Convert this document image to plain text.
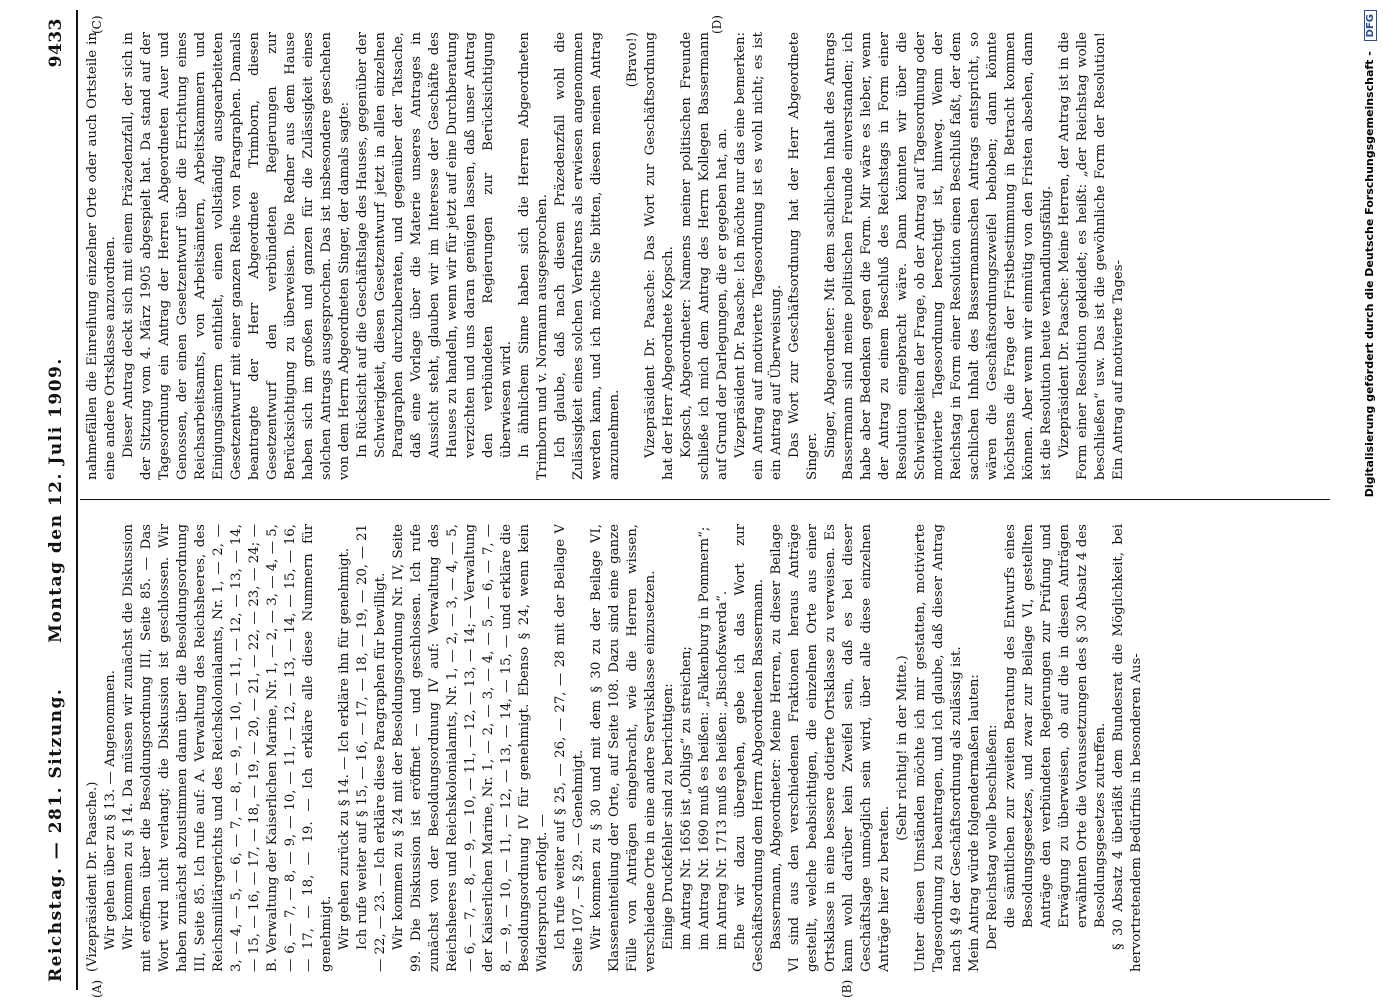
Reichstag. — 281. Sitzung.
Montag den 12. Juli 1909.
9433
(A)	(B)
(C)	(D)

(Vizepräsident Dr. Paasche.) Wir gehen über zu § 13. — Angenommen. Wir kommen zu § 14. Da müssen wir zunächst die Diskussion mit eröffnen über die Besoldungsordnung III, Seite 85. — Das Wort wird nicht verlangt; die Diskussion ist geschlossen. Wir haben zunächst abzustimmen dann über die Besoldungsordnung III, Seite 85. Ich rufe auf: A. Verwaltung des Reichsheeres, des Reichsmilitärgerichts und des Reichskolonialamts, Nr. 1, — 2, — 3, — 4, — 5, — 6, — 7, — 8, — 9, — 10, — 11, — 12, — 13, — 14, — 15, — 16, — 17, — 18, — 19, — 20, — 21, — 22, — 23, — 24; — B. Verwaltung der Kaiserlichen Marine, Nr. 1, — 2, — 3, — 4, — 5, — 6, — 7, — 8, — 9, — 10, — 11, — 12, — 13, — 14, — 15, — 16, — 17, — 18, — 19. — Ich erkläre alle diese Nummern für genehmigt. Wir gehen zurück zu § 14. — Ich erkläre ihn für genehmigt. Ich rufe weiter auf § 15, — 16, — 17, — 18, — 19, — 20, — 21 — 22, — 23. — Ich erkläre diese Paragraphen für bewilligt. Wir kommen zu § 24 mit der Besoldungsordnung Nr. IV, Seite 99. Die Diskussion ist eröffnet — und geschlossen. Ich rufe zunächst von der Besoldungsordnung IV auf: Verwaltung des Reichsheeres und Reichskolonialamts, Nr. 1, — 2, — 3, — 4, — 5, — 6, — 7, — 8, — 9, — 10, — 11, — 12, — 13, — 14; — Verwaltung der Kaiserlichen Marine, Nr. 1, — 2, — 3, — 4, — 5, — 6, — 7, — 8, — 9, — 10, — 11, — 12, — 13, — 14, — 15, — und erkläre die Besoldungsordnung IV für genehmigt. Ebenso § 24, wenn kein Widerspruch erfolgt. — Ich rufe weiter auf § 25, — 26, — 27, — 28 mit der Beilage V Seite 107, — § 29. — Genehmigt. Wir kommen zu § 30 und mit dem § 30 zu der Beilage VI, Klasseneinteilung der Orte, auf Seite 108. Dazu sind eine ganze Fülle von Anträgen eingebracht, wie die Herren wissen, verschiedene Orte in eine andere Servisklasse einzusetzen. Einige Druckfehler sind zu berichtigen: im Antrag Nr. 1656 ist „Ohligs“ zu streichen; im Antrag Nr. 1690 muß es heißen: „Falkenburg in Pommern“; im Antrag Nr. 1713 muß es heißen: „Bischofswerda“. Ehe wir dazu übergehen, gebe ich das Wort zur Geschäftsordnung dem Herrn Abgeordneten Bassermann. Bassermann, Abgeordneter: Meine Herren, zu dieser Beilage VI sind aus den verschiedenen Fraktionen heraus Anträge gestellt, welche beabsichtigen, die einzelnen Orte aus einer Ortsklasse in eine bessere dotierte Ortsklasse zu verweisen. Es kann wohl darüber kein Zweifel sein, daß es bei dieser Geschäftslage unmöglich sein wird, über alle diese einzelnen Anträge hier zu beraten.

(Sehr richtig! in der Mitte.) Unter diesen Umständen möchte ich mir gestatten, motivierte Tagesordnung zu beantragen, und ich glaube, daß dieser Antrag nach § 49 der Geschäftsordnung als zulässig ist. Mein Antrag würde folgendermaßen lauten: Der Reichstag wolle beschließen: die sämtlichen zur zweiten Beratung des Entwurfs eines Besoldungsgesetzes, und zwar zur Beilage VI, gestellten Anträge den verbündeten Regierungen zur Prüfung und Erwägung zu überweisen, ob auf die in diesen Anträgen erwähnten Orte die Voraussetzungen des § 30 Absatz 4 des Besoldungsgesetzes zutreffen. § 30 Absatz 4 überläßt dem Bundesrat die Möglichkeit, bei hervortretendem Bedürfnis in besonderen Aus-

nahmefällen die Einreihung einzelner Orte oder auch Ortsteile in eine andere Ortsklasse anzuordnen. Dieser Antrag deckt sich mit einem Präzedenzfall, der sich in der Sitzung vom 4. März 1905 abgespielt hat. Da stand auf der Tagesordnung ein Antrag der Herren Abgeordneten Auer und Genossen, der einen Gesetzentwurf über die Errichtung eines Reichsarbeitsamts, von Arbeitsämtern, Arbeitskammern und Einigungsämtern enthielt, einen vollständig ausgearbeiteten Gesetzentwurf mit einer ganzen Reihe von Paragraphen. Damals beantragte der Herr Abgeordnete Trimborn, diesen Gesetzentwurf den verbündeten Regierungen zur Berücksichtigung zu überweisen. Die Redner aus dem Hause haben sich im großen und ganzen für die Zulässigkeit eines solchen Antrags ausgesprochen. Das ist insbesondere geschehen von dem Herrn Abgeordneten Singer, der damals sagte: In Rücksicht auf die Geschäftslage des Hauses, gegenüber der Schwierigkeit, diesen Gesetzentwurf jetzt in allen einzelnen Paragraphen durchzuberaten, und gegenüber der Tatsache, daß eine Vorlage über die Materie unseres Antrages in Aussicht steht, glauben wir im Interesse der Geschäfte des Hauses zu handeln, wenn wir für jetzt auf eine Durchberatung verzichten und uns daran genügen lassen, daß unser Antrag den verbündeten Regierungen zur Berücksichtigung überwiesen wird. In ähnlichem Sinne haben sich die Herren Abgeordneten Trimborn und v. Normann ausgesprochen. Ich glaube, daß nach diesem Präzedenzfall wohl die Zulässigkeit eines solchen Verfahrens als erwiesen angenommen werden kann, und ich möchte Sie bitten, diesen meinen Antrag anzunehmen.

(Bravo!) Vizepräsident Dr. Paasche: Das Wort zur Geschäftsordnung hat der Herr Abgeordnete Kopsch. Kopsch, Abgeordneter: Namens meiner politischen Freunde schließe ich mich dem Antrag des Herrn Kollegen Bassermann auf Grund der Darlegungen, die er gegeben hat, an. Vizepräsident Dr. Paasche: Ich möchte nur das eine bemerken: ein Antrag auf motivierte Tagesordnung ist es wohl nicht; es ist ein Antrag auf Überweisung. Das Wort zur Geschäftsordnung hat der Herr Abgeordnete Singer. Singer, Abgeordneter: Mit dem sachlichen Inhalt des Antrags Bassermann sind meine politischen Freunde einverstanden; ich habe aber Bedenken gegen die Form. Mir wäre es lieber, wenn der Antrag zu einem Beschluß des Reichstags in Form einer Resolution eingebracht wäre. Dann könnten wir über die Schwierigkeiten der Frage, ob der Antrag auf Tagesordnung oder motivierte Tagesordnung berechtigt ist, hinweg. Wenn der Reichstag in Form einer Resolution einen Beschluß faßt, der dem sachlichen Inhalt des Bassermannschen Antrags entspricht, so wären die Geschäftsordnungszweifel behoben; dann könnte höchstens die Frage der Fristbestimmung in Betracht kommen können. Aber wenn wir einmütig von den Fristen absehen, dann ist die Resolution heute verhandlungsfähig. Vizepräsident Dr. Paasche: Meine Herren, der Antrag ist in die Form einer Resolution gekleidet; es heißt: „der Reichstag wolle beschließen“ usw. Das ist die gewöhnliche Form der Resolution! Ein Antrag auf motivierte Tages-	Digitalisierung gefördert durch die Deutsche Forschungsgemeinschaft - DFG
